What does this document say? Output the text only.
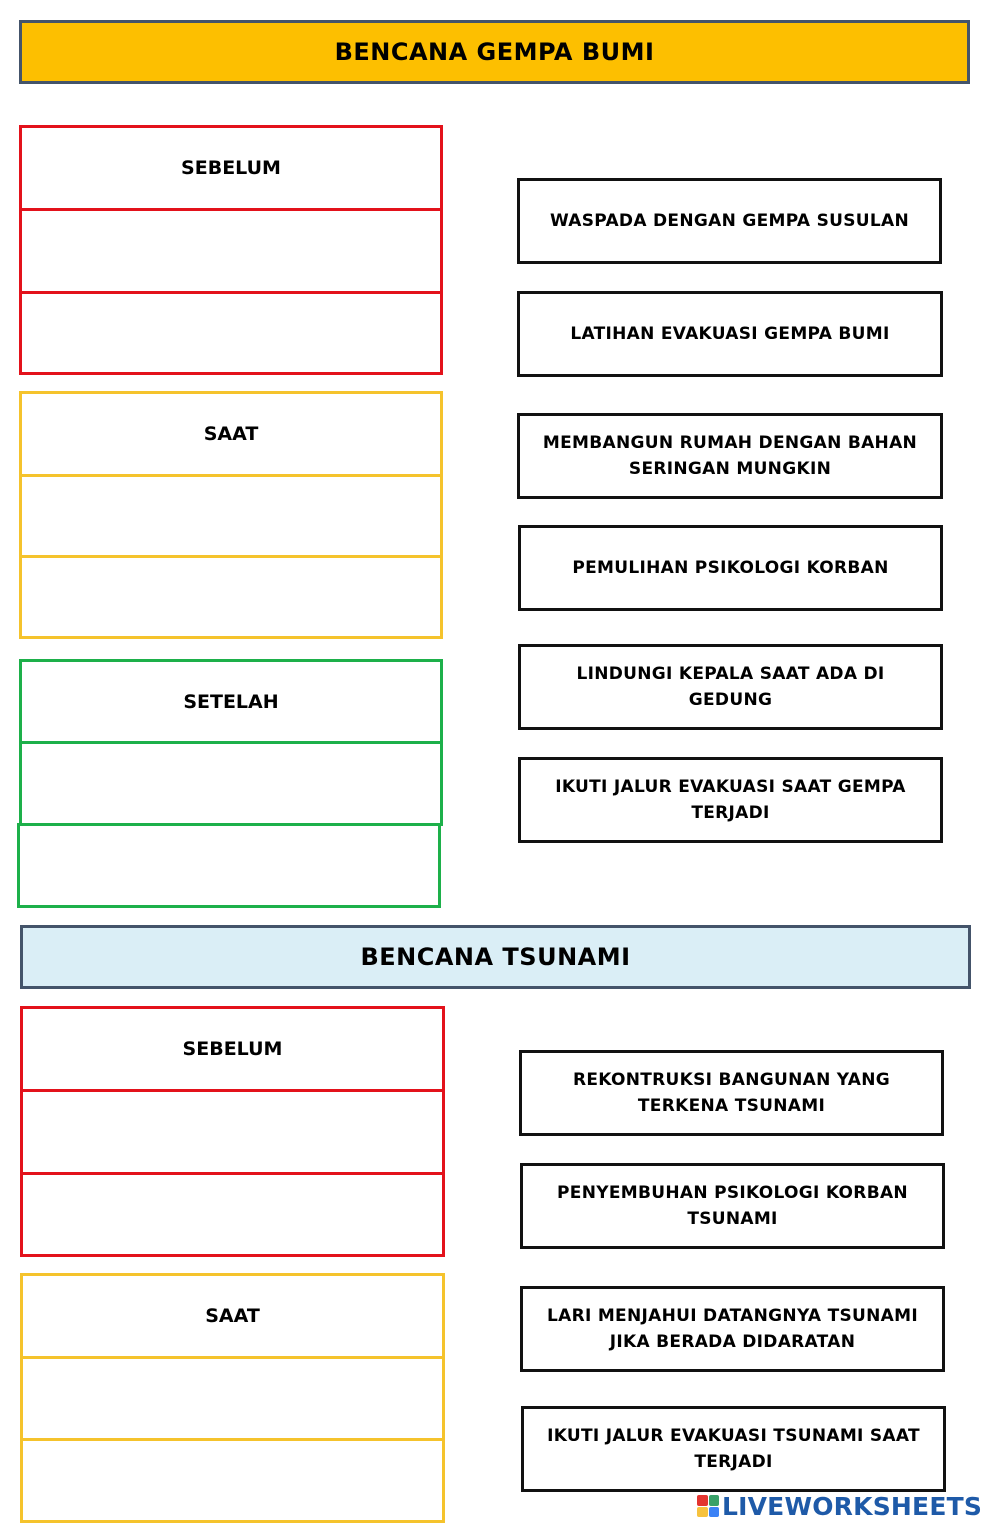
BENCANA GEMPA BUMI
SEBELUM
SAAT
SETELAH
WASPADA DENGAN GEMPA SUSULAN
LATIHAN EVAKUASI GEMPA BUMI
MEMBANGUN RUMAH DENGAN BAHAN SERINGAN MUNGKIN
PEMULIHAN PSIKOLOGI KORBAN
LINDUNGI KEPALA SAAT ADA DI GEDUNG
IKUTI JALUR EVAKUASI SAAT GEMPA TERJADI
BENCANA TSUNAMI
SEBELUM
SAAT
REKONTRUKSI BANGUNAN YANG TERKENA TSUNAMI
PENYEMBUHAN PSIKOLOGI KORBAN TSUNAMI
LARI MENJAHUI DATANGNYA TSUNAMI JIKA BERADA DIDARATAN
IKUTI JALUR EVAKUASI TSUNAMI SAAT TERJADI
LIVEWORKSHEETS
